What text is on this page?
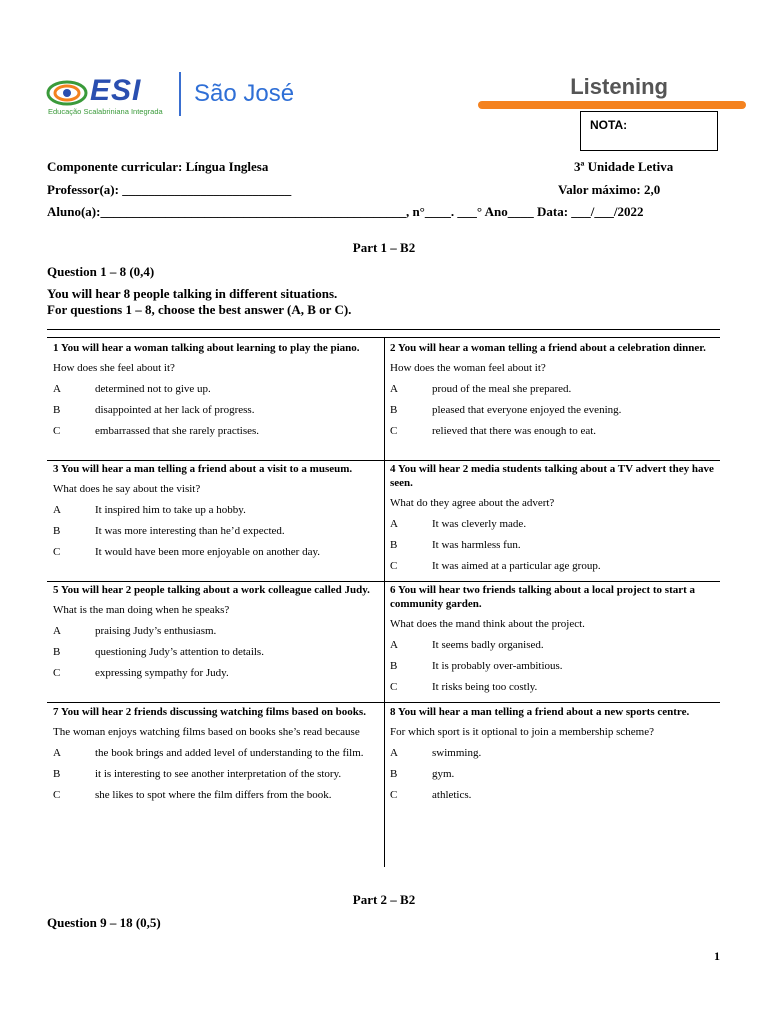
ESI
Educação Scalabriniana Integrada
São José	Listening
NOTA:
Componente curricular: Língua Inglesa	3ª Unidade Letiva
Professor(a): __________________________	Valor máximo: 2,0
Aluno(a):_______________________________________________, n°____. ___° Ano____ Data: ___/___/2022
Part 1 – B2
Question 1 – 8 (0,4)
You will hear 8 people talking in different situations.
For questions 1 – 8, choose the best answer (A, B or C).
1 You will hear a woman talking about learning to play the piano.
How does she feel about it?
A	determined not to give up.
B	disappointed at her lack of progress.
C	embarrassed that she rarely practises.
2 You will hear a woman telling a friend about a celebration dinner.
How does the woman feel about it?
A	proud of the meal she prepared.
B	pleased that everyone enjoyed the evening.
C	relieved that there was enough to eat.
3 You will hear a man telling a friend about a visit to a museum.
What does he say about the visit?
A	It inspired him to take up a hobby.
B	It was more interesting than he’d expected.
C	It would have been more enjoyable on another day.
4 You will hear 2 media students talking about a TV advert they have seen.
What do they agree about the advert?
A	It was cleverly made.
B	It was harmless fun.
C	It was aimed at a particular age group.
5 You will hear 2 people talking about a work colleague called Judy.
What is the man doing when he speaks?
A	praising Judy’s enthusiasm.
B	questioning Judy’s attention to details.
C	expressing sympathy for Judy.
6 You will hear two friends talking about a local project to start a community garden.
What does the mand think about the project.
A	It seems badly organised.
B	It is probably over-ambitious.
C	It risks being too costly.
7 You will hear 2 friends discussing watching films based on books.
The woman enjoys watching films based on books she’s read because
A	the book brings and added level of understanding to the film.
B	it is interesting to see another interpretation of the story.
C	she likes to spot where the film differs from the book.
8 You will hear a man telling a friend about a new sports centre.
For which sport is it optional to join a membership scheme?
A	swimming.
B	gym.
C	athletics.
Part 2 – B2
Question 9 – 18 (0,5)
1
